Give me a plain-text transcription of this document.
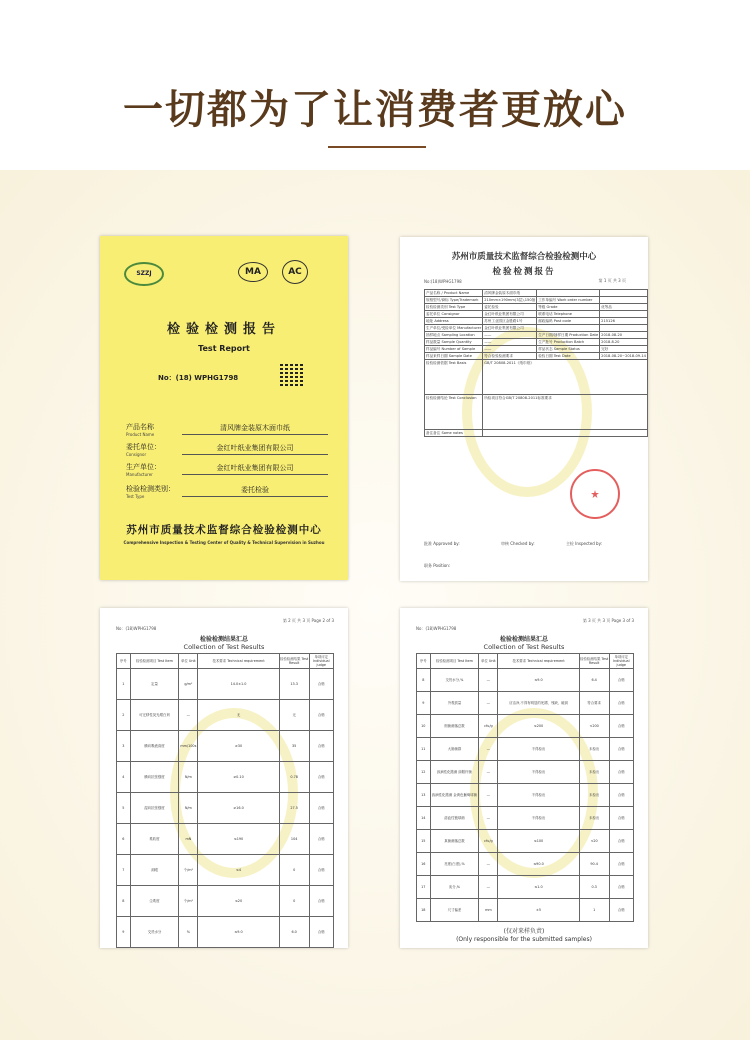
一切都为了让消费者更放心
SZZJ	MA	AC
检验检测报告
Test Report
No：(18) WPHG1798
产品名称
Product Name
清风牌金装原木面巾纸
委托单位：
Consignor
金红叶纸业集团有限公司
生产单位：
Manufacturer
金红叶纸业集团有限公司
检验检测类别：
Test Type
委托检验
苏州市质量技术监督综合检验检测中心
Comprehensive Inspection & Testing Center of Quality & Technical Supervision in Suzhou
苏州市质量技术监督综合检验检测中心
检验检测报告
No:(18)WPHG1798	第 1 页 共 3 页
产品名称 / Product Name	清风牌金装原木面巾纸		
规格型号/商标 Type/Trademark	210mm×190mm(3层),150抽	工作单编号 Work order number	
检验检测类别 Test Type	委托检验	等级 Grade	优等品
委托单位 Consignor	金红叶纸业集团有限公司	联系电话 Telephone	
地址 Address	苏州工业园区金胜路1号	邮政编码 Post code	215126
生产单位/受检单位 Manufacturer	金红叶纸业集团有限公司		
抽样地点 Sampling Location	——	生产日期/抽样日期 Production Date	2018-08-20
样品数量 Sample Quantity	——	生产批号 Production Batch	2018.8.20
样品编号 Number of Sample	——	样品状态 Sample Status	完好
样品来样日期 Sample Date	符合检验检测要求	检验日期 Test Date	2018-08-20~2018-09-14
检验检测依据 Test Basis	GB/T 20808-2011《纸巾纸》		
检验检测结论 Test Conclusion	所检项目符合GB/T 20808-2011标准要求		
备注备注 Some notes			
批准 Approved by:	审核 Checked by:	主检 Inspected by:
职务 Position:
第 2 页 共 3 页 Page 2 of 3
No：(18)WPHG1798
检验检测结果汇总
Collection of Test Results
序号	检验检测项目 Test Item	单位 Unit	技术要求 Technical requirement	检验检测结果 Test Result	单项评定 Individual judge
1	定量	g/m²	14.0±1.0	13.3	合格
2	可迁移性荧光增白剂	—	无	无	合格
3	横向吸液高度	mm/100s	≥30	35	合格
4	横向抗张强度	N/m	≥0.10	0.78	合格
5	湿向抗张强度	N/m	≥16.0	27.5	合格
6	柔软度	mN	≤190	104	合格
7	洞眼	个/m²	≤4	0	合格
8	尘埃度	个/m²	≤20	0	合格
9	交货水分	%	≤9.0	6.0	合格
第 3 页 共 3 页 Page 3 of 3
No：(18)WPHG1798
检验检测结果汇总
Collection of Test Results
序号	检验检测项目 Test Item	单位 Unit	技术要求 Technical requirement	检验检测结果 Test Result	单项评定 Individual judge
8	交货水分,%	—	≤9.0	6.4	合格
9	外观质量	—	应洁净,不得有明显的死褶、残缺、破洞	符合要求	合格
10	细菌菌落总数	cfu/g	≤200	<200	合格
11	大肠菌群	—	不得检出	未检出	合格
12	致病性化脓菌 绿脓杆菌	—	不得检出	未检出	合格
13	致病性化脓菌 金黄色葡萄球菌	—	不得检出	未检出	合格
14	溶血性链球菌	—	不得检出	未检出	合格
15	真菌菌落总数	cfu/g	≤100	<20	合格
16	亮度(白度),%	—	≤90.0	90.4	合格
17	灰分,%	—	≤1.0	0.3	合格
18	尺寸偏差	mm	±5	1	合格
(仅对来样负责)
(Only responsible for the submitted samples)
